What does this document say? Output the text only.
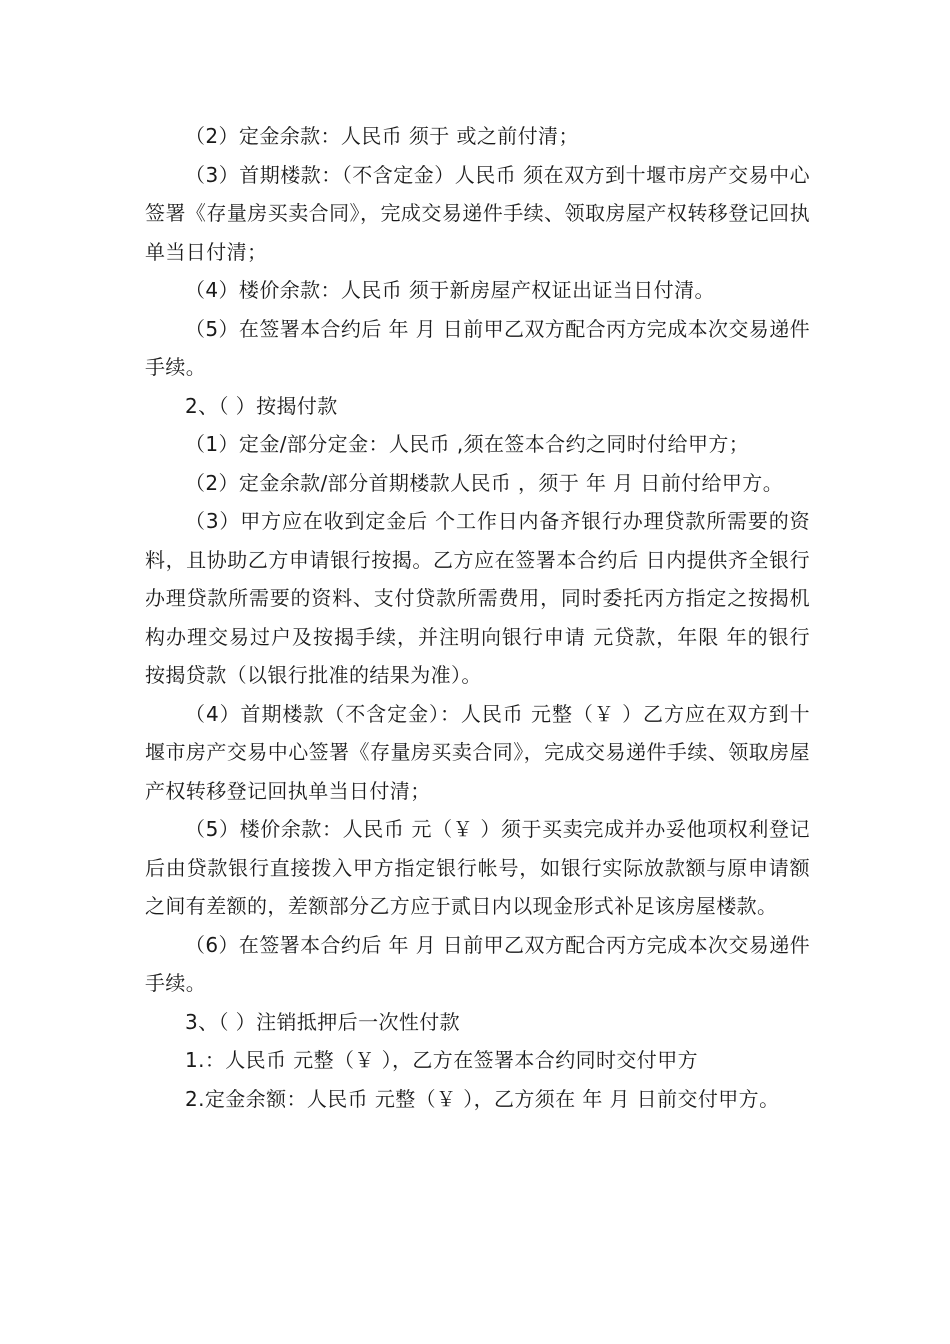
（2）定金余款：人民币 须于 或之前付清；

（3）首期楼款：（不含定金）人民币 须在双方到十堰市房产交易中心签署《存量房买卖合同》，完成交易递件手续、领取房屋产权转移登记回执单当日付清；

（4）楼价余款：人民币 须于新房屋产权证出证当日付清。

（5）在签署本合约后 年 月 日前甲乙双方配合丙方完成本次交易递件手续。

2、（ ）按揭付款

（1）定金/部分定金：人民币 ,须在签本合约之同时付给甲方；

（2）定金余款/部分首期楼款人民币 ，须于 年 月 日前付给甲方。

（3）甲方应在收到定金后 个工作日内备齐银行办理贷款所需要的资料，且协助乙方申请银行按揭。乙方应在签署本合约后 日内提供齐全银行办理贷款所需要的资料、支付贷款所需费用，同时委托丙方指定之按揭机构办理交易过户及按揭手续，并注明向银行申请 元贷款，年限 年的银行按揭贷款（以银行批准的结果为准）。

（4）首期楼款（不含定金）：人民币 元整（￥ ）乙方应在双方到十堰市房产交易中心签署《存量房买卖合同》，完成交易递件手续、领取房屋产权转移登记回执单当日付清；

（5）楼价余款：人民币 元（￥ ）须于买卖完成并办妥他项权利登记后由贷款银行直接拨入甲方指定银行帐号，如银行实际放款额与原申请额之间有差额的，差额部分乙方应于贰日内以现金形式补足该房屋楼款。

（6）在签署本合约后 年 月 日前甲乙双方配合丙方完成本次交易递件手续。

3、（ ）注销抵押后一次性付款

1.：人民币 元整（￥ ），乙方在签署本合约同时交付甲方

2.定金余额：人民币 元整（￥ ），乙方须在 年 月 日前交付甲方。
